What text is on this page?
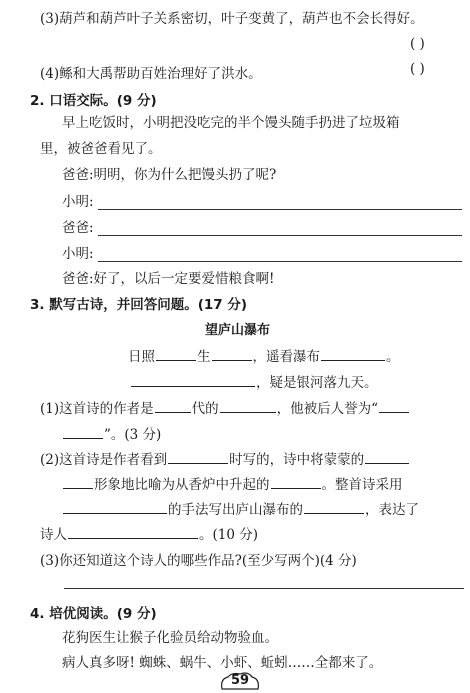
(3)葫芦和葫芦叶子关系密切，叶子变黄了，葫芦也不会长得好。
( )
(4)鲧和大禹帮助百姓治理好了洪水。	( )
2. 口语交际。(9 分)
早上吃饭时，小明把没吃完的半个馒头随手扔进了垃圾箱
里，被爸爸看见了。
爸爸:明明，你为什么把馒头扔了呢?
小明:
爸爸:
小明:
爸爸:好了，以后一定要爱惜粮食啊!
3. 默写古诗，并回答问题。(17 分)
望庐山瀑布
日照	生	，遥看瀑布	。
，疑是银河落九天。
(1)这首诗的作者是	代的	，他被后人誉为“
”。(3 分)
(2)这首诗是作者看到	时写的，诗中将蒙蒙的
形象地比喻为从香炉中升起的	。整首诗采用
的手法写出庐山瀑布的	，表达了
诗人	。(10 分)
(3)你还知道这个诗人的哪些作品?(至少写两个)(4 分)
4. 培优阅读。(9 分)
花狗医生让猴子化验员给动物验血。
病人真多呀! 蜘蛛、蜗牛、小虾、蚯蚓……全都来了。
59
